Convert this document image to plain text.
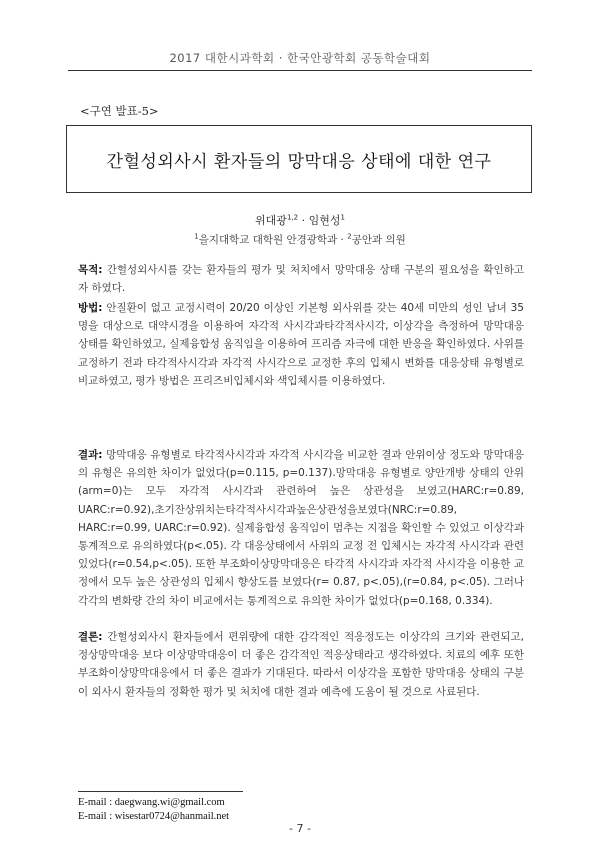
2017 대한시과학회 · 한국안광학회 공동학술대회
<구연 발표-5>
간헐성외사시 환자들의 망막대응 상태에 대한 연구
위대광$^{1,2}$ · 임현성$^1$
$^1$을지대학교 대학원 안경광학과 · $^2$공안과 의원
목적: 간헐성외사시를 갖는 환자들의 평가 및 처치에서 망막대응 상태 구분의 필요성을 확인하고자 하였다.
방법: 안질환이 없고 교정시력이 20/20 이상인 기본형 외사위를 갖는 40세 미만의 성인 남녀 35명을 대상으로 대약시경을 이용하여 자각적 사시각과타각적사시각, 이상각을 측정하여 망막대응 상태를 확인하였고, 실제융합성 움직임을 이용하여 프리즘 자극에 대한 반응을 확인하였다. 사위를 교정하기 전과 타각적사시각과 자각적 사시각으로 교정한 후의 입체시 변화를 대응상태 유형별로 비교하였고, 평가 방법은 프리즈비입체시와 색입체시를 이용하였다.
결과: 망막대응 유형별로 타각적사시각과 자각적 사시각을 비교한 결과 안위이상 정도와 망막대응의 유형은 유의한 차이가 없었다(p=0.115, p=0.137).망막대응 유형별로 양안개방 상태의 안위(arm=0)는 모두 자각적 사시각과 관련하여 높은 상관성을 보였고(HARC:r=0.89, UARC:r=0.92),초기잔상위치는타각적사시각과높은상관성을보였다(NRC:r=0.89, HARC:r=0.99, UARC:r=0.92). 실제융합성 움직임이 멈추는 지점을 확인할 수 있었고 이상각과 통계적으로 유의하였다(p<.05). 각 대응상태에서 사위의 교정 전 입체시는 자각적 사시각과 관련 있었다(r=0.54,p<.05). 또한 부조화이상망막대응은 타각적 사시각과 자각적 사시각을 이용한 교정에서 모두 높은 상관성의 입체시 향상도를 보였다(r= 0.87, p<.05),(r=0.84, p<.05). 그러나 각각의 변화량 간의 차이 비교에서는 통계적으로 유의한 차이가 없었다(p=0.168, 0.334).
결론: 간헐성외사시 환자들에서 편위량에 대한 감각적인 적응정도는 이상각의 크기와 관련되고, 정상망막대응 보다 이상망막대응이 더 좋은 감각적인 적응상태라고 생각하였다. 치료의 예후 또한 부조화이상망막대응에서 더 좋은 결과가 기대된다. 따라서 이상각을 포함한 망막대응 상태의 구분이 외사시 환자들의 정확한 평가 및 처치에 대한 결과 예측에 도움이 될 것으로 사료된다.
E-mail : daegwang.wi@gmail.com
E-mail : wisestar0724@hanmail.net
- 7 -
